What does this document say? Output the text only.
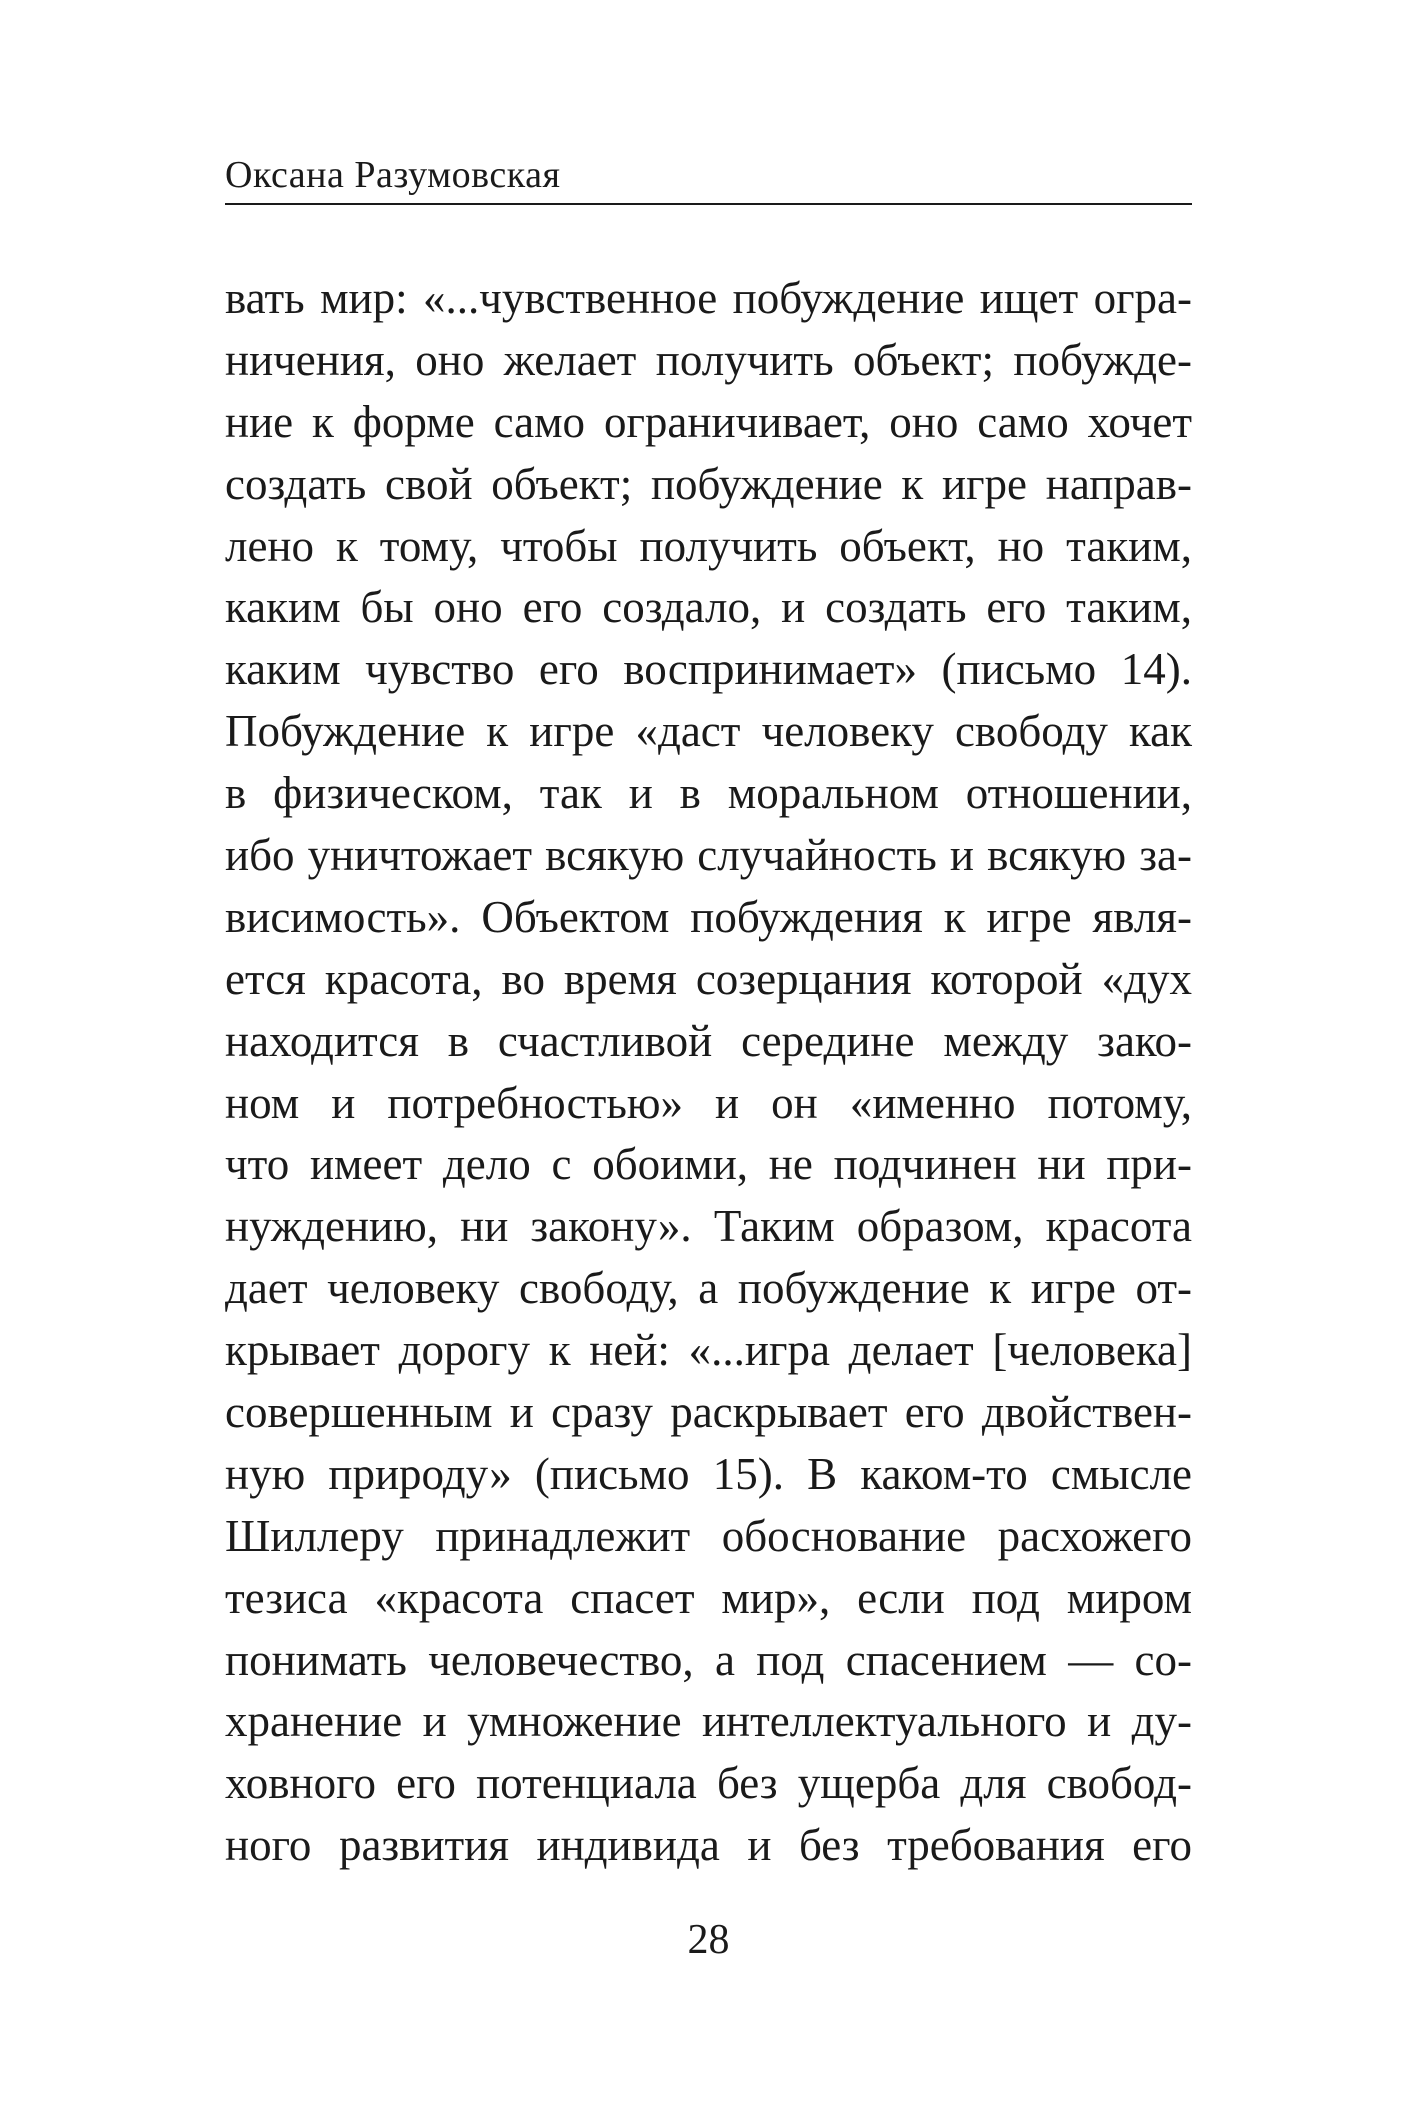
Оксана Разумовская
вать мир: «...чувственное побуждение ищет огра-
ничения, оно желает получить объект; побужде-
ние к форме само ограничивает, оно само хочет
создать свой объект; побуждение к игре направ-
лено к тому, чтобы получить объект, но таким,
каким бы оно его создало, и создать его таким,
каким чувство его воспринимает» (письмо 14).
Побуждение к игре «даст человеку свободу как
в физическом, так и в моральном отношении,
ибо уничтожает всякую случайность и всякую за-
висимость». Объектом побуждения к игре явля-
ется красота, во время созерцания которой «дух
находится в счастливой середине между зако-
ном и потребностью» и он «именно потому,
что имеет дело с обоими, не подчинен ни при-
нуждению, ни закону». Таким образом, красота
дает человеку свободу, а побуждение к игре от-
крывает дорогу к ней: «...игра делает [человека]
совершенным и сразу раскрывает его двойствен-
ную природу» (письмо 15). В каком-то смысле
Шиллеру принадлежит обоснование расхожего
тезиса «красота спасет мир», если под миром
понимать человечество, а под спасением — со-
хранение и умножение интеллектуального и ду-
ховного его потенциала без ущерба для свобод-
ного развития индивида и без требования его
28
